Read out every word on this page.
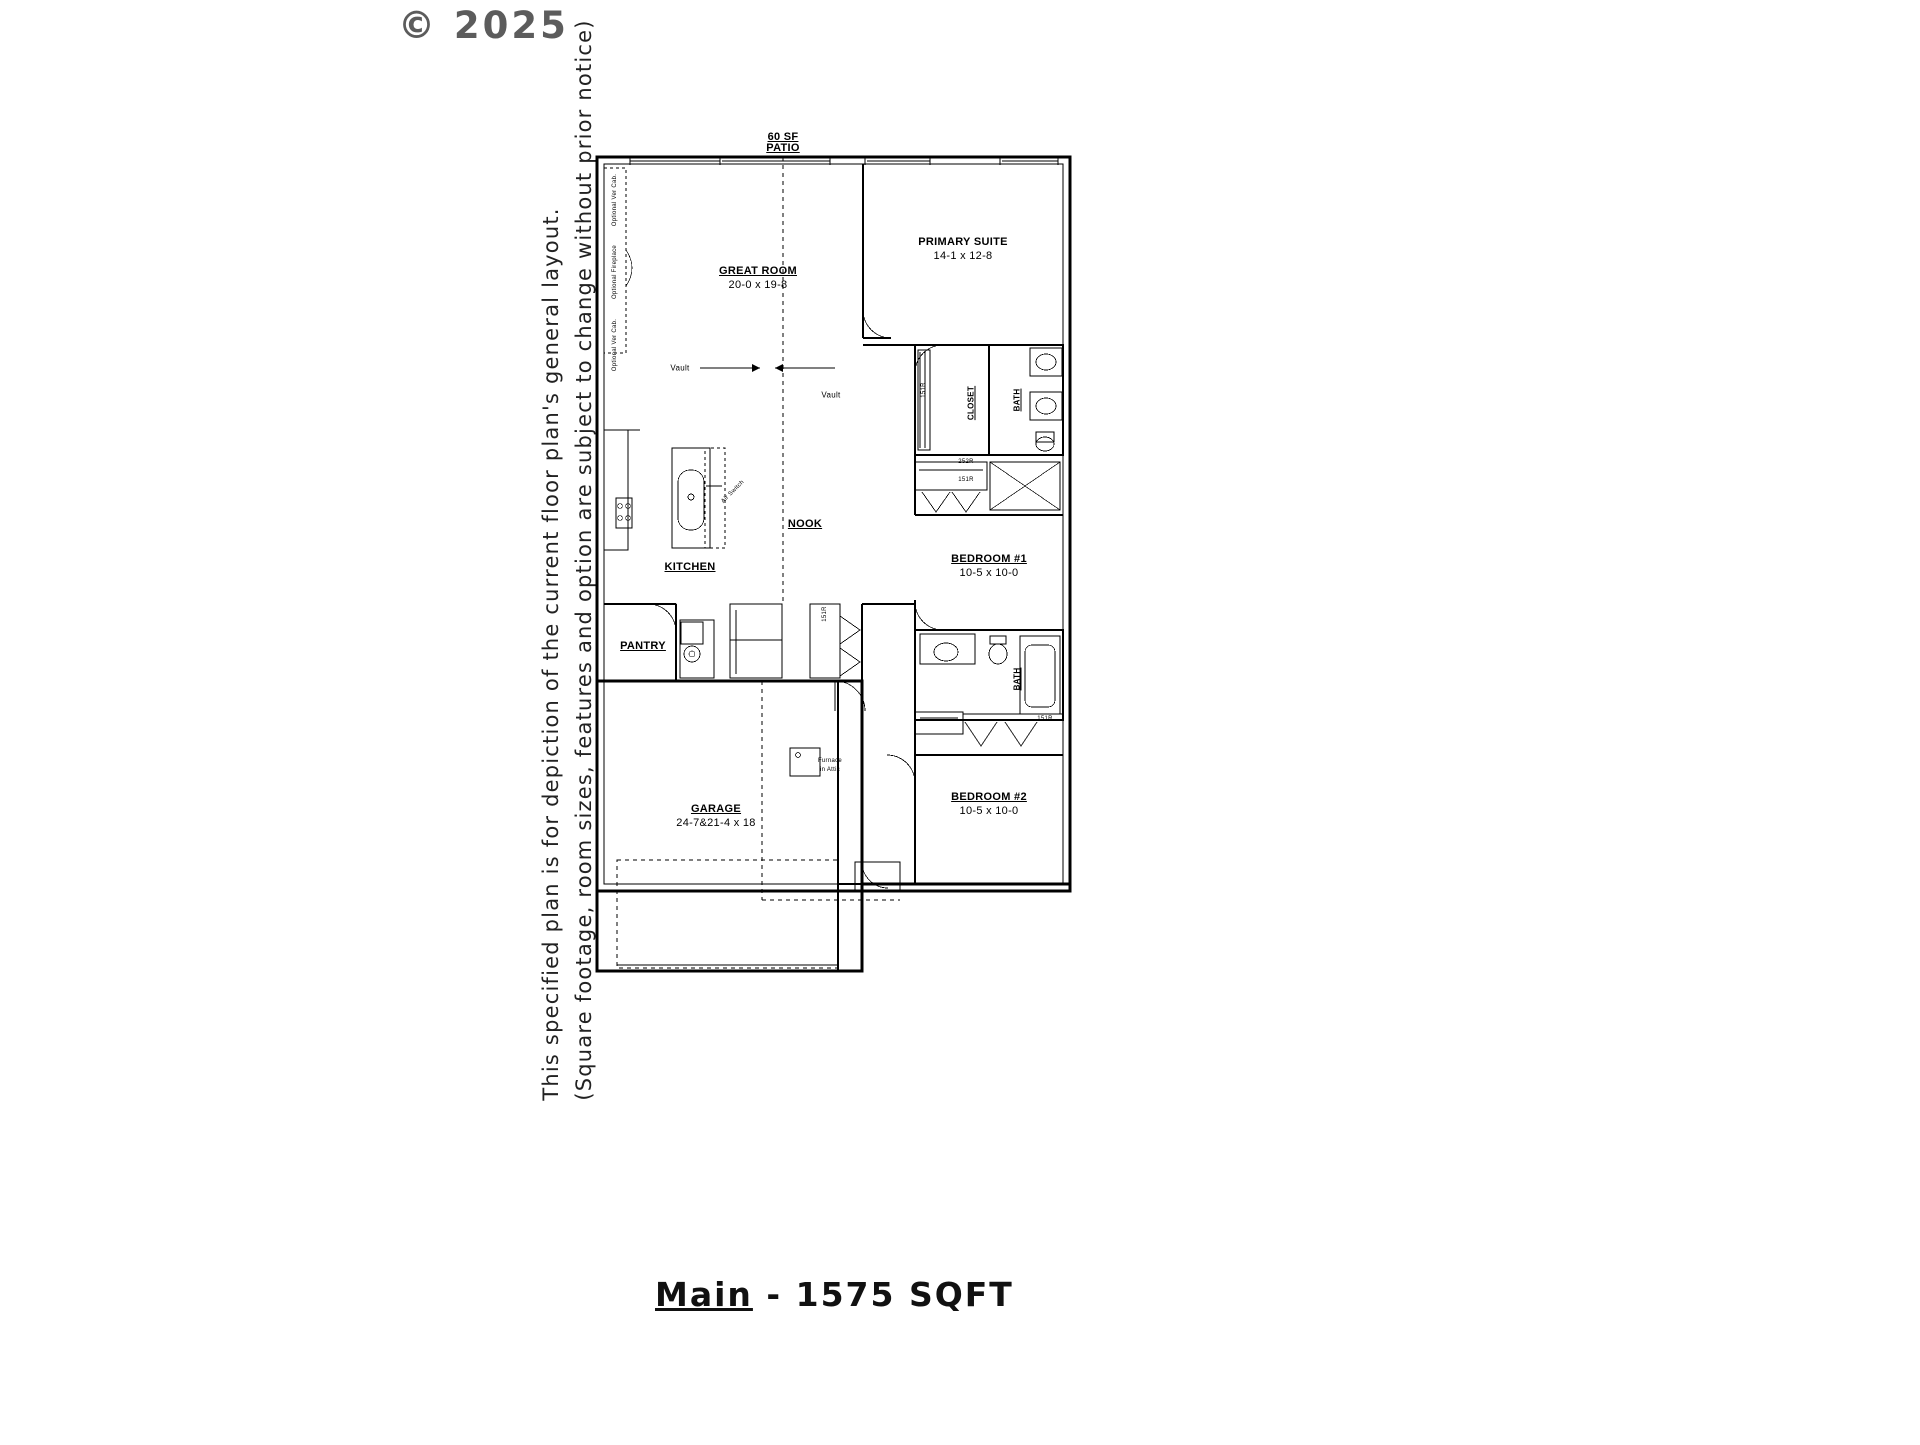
© 2025
This specified plan is for depiction of the current floor plan's general layout. (Square footage, room sizes, features and option are subject to change without prior notice)	60 SF
PATIO
GREAT ROOM
20-0 x 19-8
PRIMARY SUITE
14-1 x 12-8
NOOK
KITCHEN
PANTRY
BEDROOM #1
10-5 x 10-0
BEDROOM #2
10-5 x 10-0
GARAGE
24-7&21-4 x 18
CLOSET	BATH
BATH
Vault
Vault
Air Switch
Furnace
in Attic
Optional Ver Cab.
Optional Fireplace
Optional Ver Cab.
151R
252R
151R
151R
151R
Main - 1575 SQFT
